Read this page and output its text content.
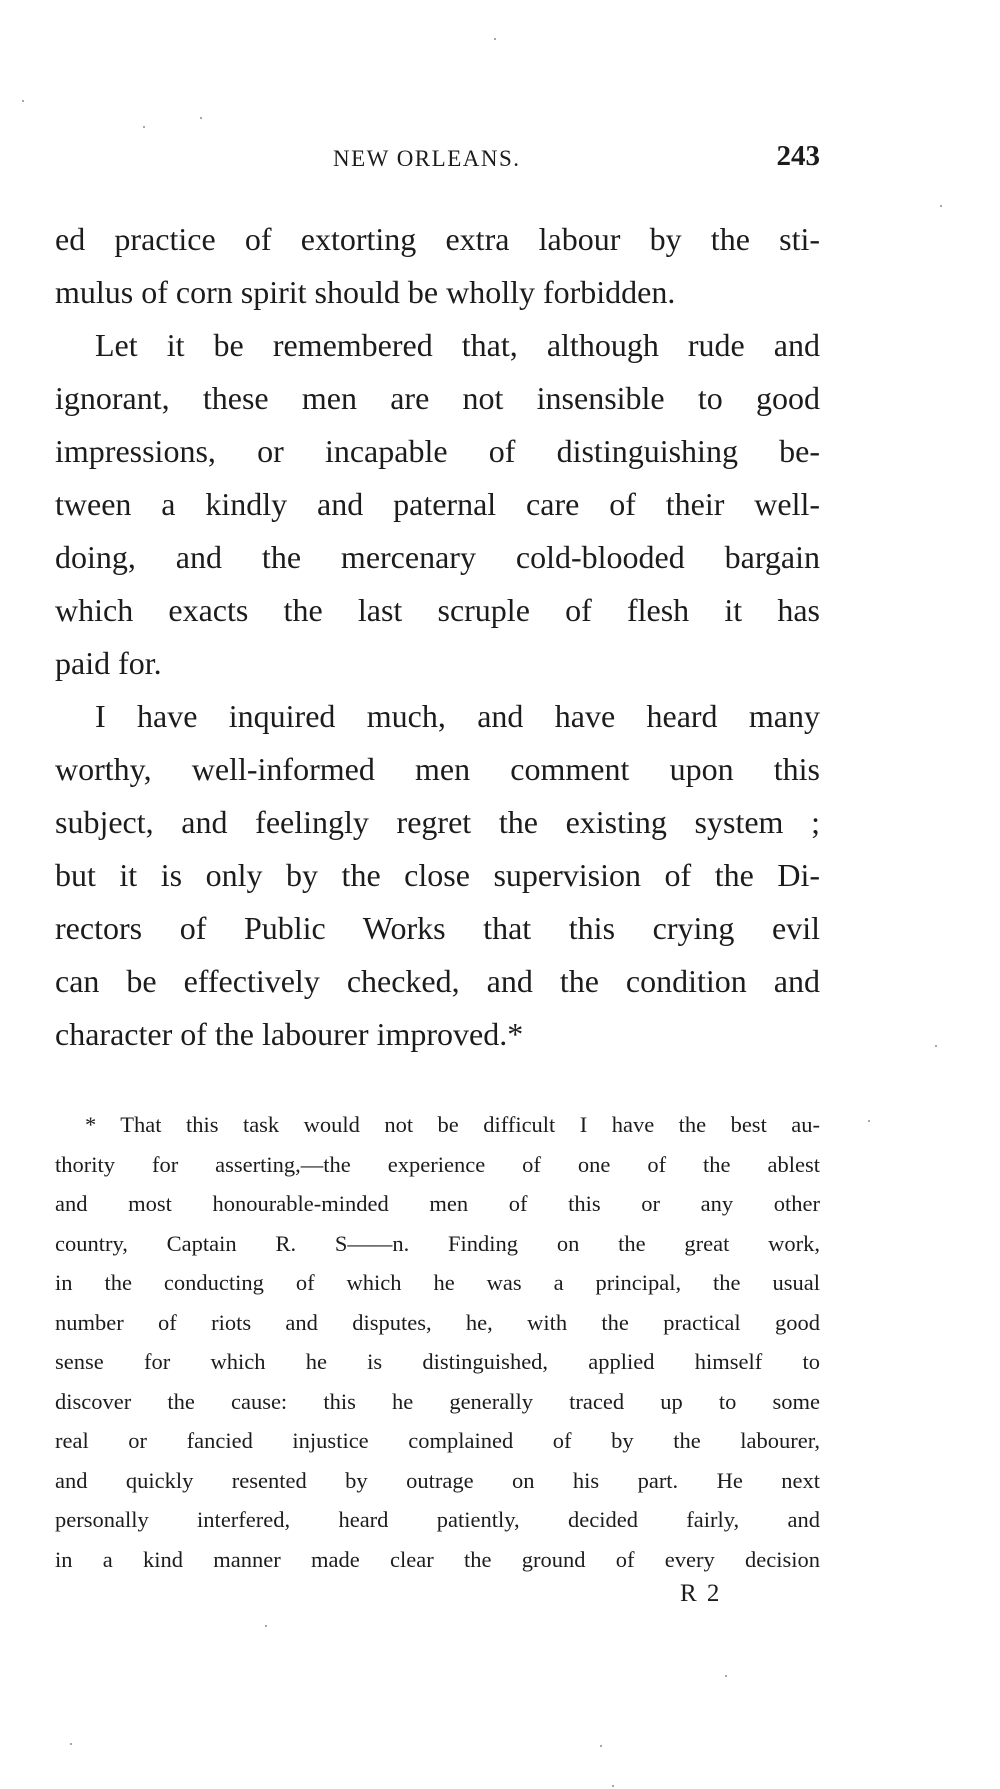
NEW ORLEANS.	243
ed practice of extorting extra labour by the sti-
mulus of corn spirit should be wholly forbidden.
Let it be remembered that, although rude and
ignorant, these men are not insensible to good
impressions, or incapable of distinguishing be-
tween a kindly and paternal care of their well-
doing, and the mercenary cold-blooded bargain
which exacts the last scruple of flesh it has
paid for.
I have inquired much, and have heard many
worthy, well-informed men comment upon this
subject, and feelingly regret the existing system ;
but it is only by the close supervision of the Di-
rectors of Public Works that this crying evil
can be effectively checked, and the condition and
character of the labourer improved.*
* That this task would not be difficult I have the best au-
thority for asserting,—the experience of one of the ablest
and most honourable-minded men of this or any other
country, Captain R. S——n. Finding on the great work,
in the conducting of which he was a principal, the usual
number of riots and disputes, he, with the practical good
sense for which he is distinguished, applied himself to
discover the cause: this he generally traced up to some
real or fancied injustice complained of by the labourer,
and quickly resented by outrage on his part. He next
personally interfered, heard patiently, decided fairly, and
in a kind manner made clear the ground of every decision
R 2
